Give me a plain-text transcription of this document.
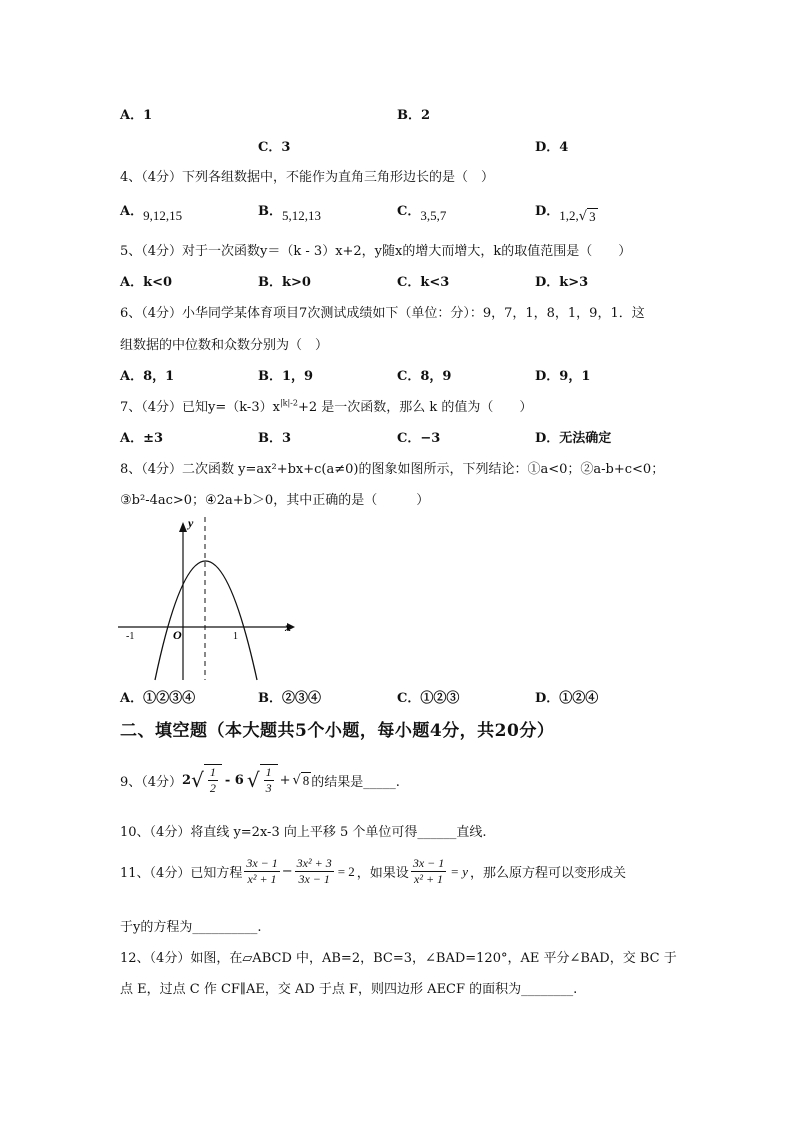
A．1	B．2
C．3	D．4
4、（4分）下列各组数据中，不能作为直角三角形边长的是（　）
A．9,12,15	B．5,12,13	C．3,5,7	D．1,2,√ 3
5、（4分）对于一次函数y＝（k - 3）x+2，y随x的增大而增大，k的取值范围是（　　）
A．k<0	B．k>0	C．k<3	D．k>3
6、（4分）小华同学某体育项目7次测试成绩如下（单位：分）：9，7，1，8，1，9，1．这
组数据的中位数和众数分别为（　）
A．8，1	B．1，9	C．8，9	D．9，1
7、（4分）已知$y=(k-3)x^{|k|-2}+2$ 是一次函数，那么 k 的值为（　　）
A．±3	B．3	C．−3	D．无法确定
8、（4分）二次函数 y=ax²+bx+c(a≠0)的图象如图所示，下列结论：①a<0；②a-b+c<0；
③b²-4ac>0；④2a+b＞0，其中正确的是（　　　）
y
x
O
-1	1
A．①②③④	B．②③④	C．①②③	D．①②④
二、填空题（本大题共5个小题，每小题4分，共20分）
9、（4分） 2 √ $\frac{1}{2} - 6$ √ $\frac{1}{3}$ + √ 8 的结果是_____.
10、（4分）将直线 y=2x-3 向上平移 5 个单位可得______直线.
11、（4分）已知方程 $\frac{3x - 1}{\text{x² + 1}} - \frac{\text{3x² + 3}}{3x - 1} = 2$ ，如果设 $\frac{3x - 1}{\text{x² + 1}} = y$ ，那么原方程可以变形成关
于y的方程为__________.
12、（4分）如图，在▱ABCD 中，AB=2，BC=3，∠BAD=120°，AE 平分∠BAD，交 BC 于
点 E，过点 C 作 CF∥AE，交 AD 于点 F，则四边形 AECF 的面积为________.
